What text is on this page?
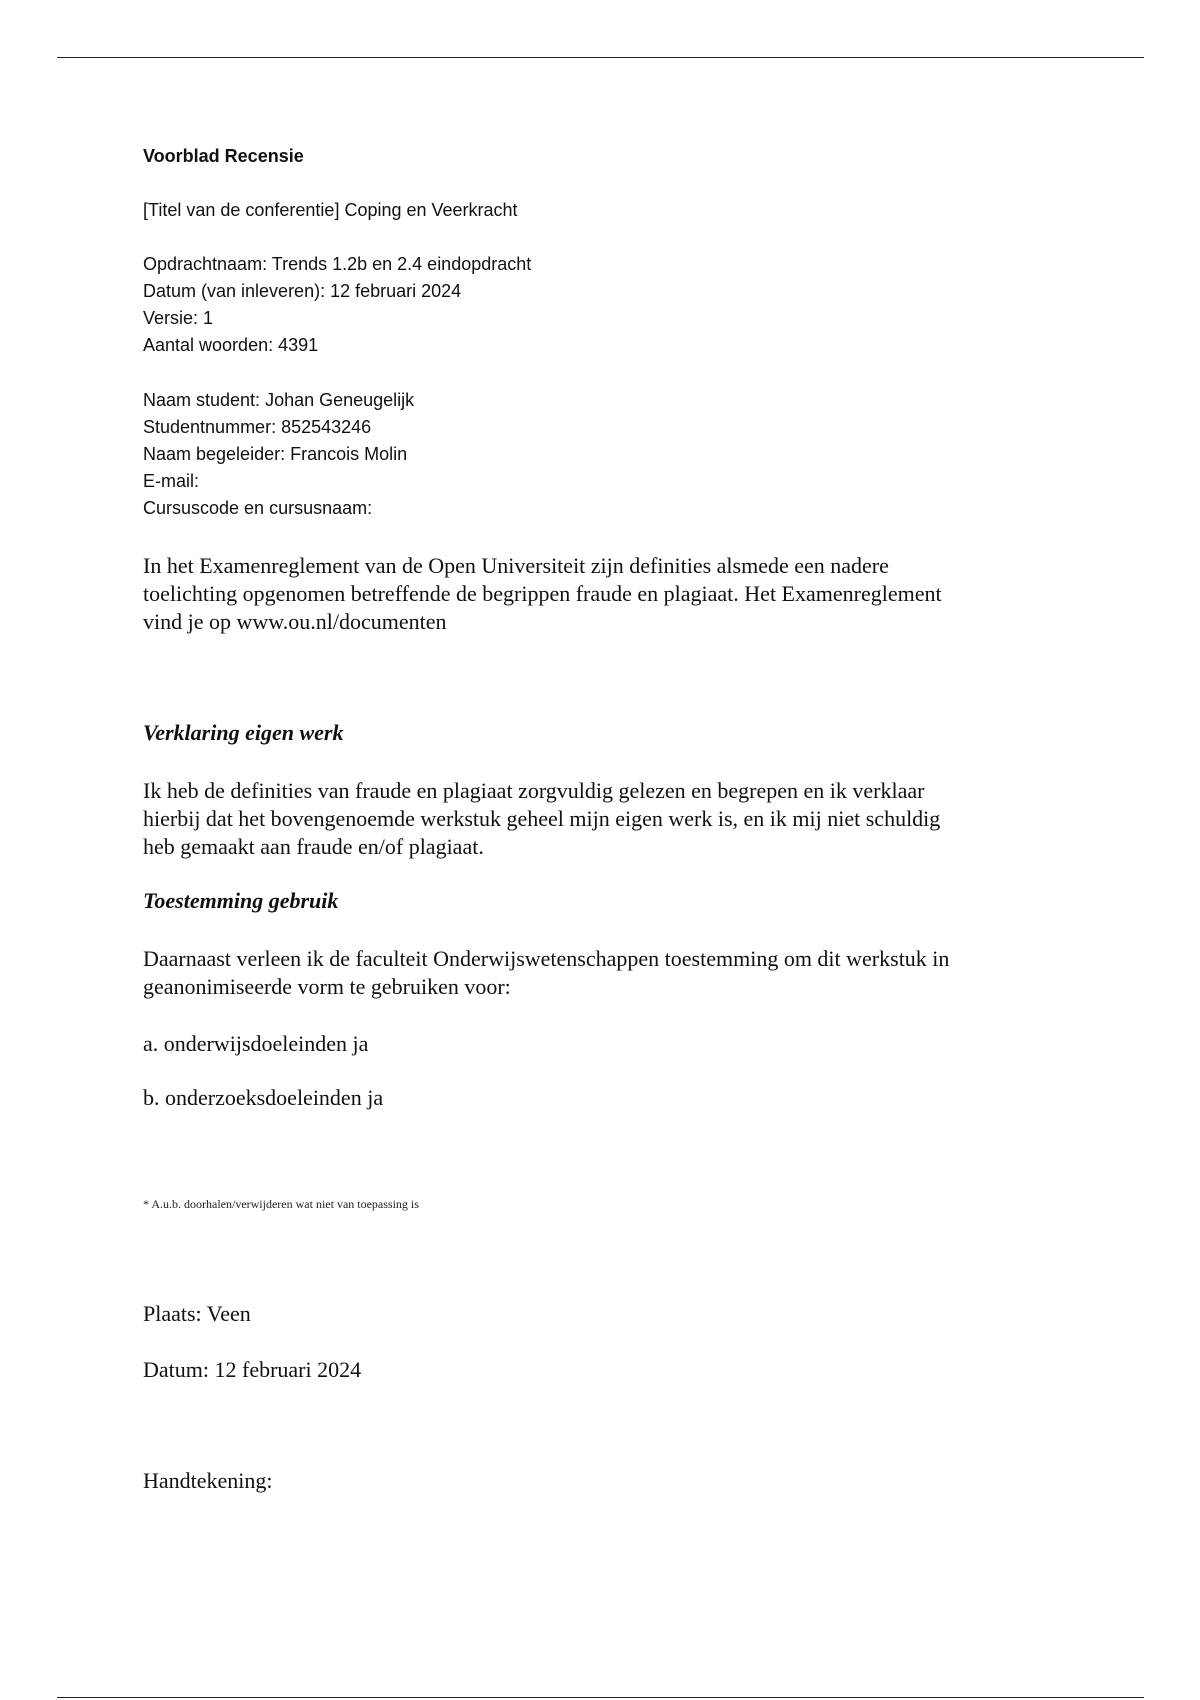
Voorblad Recensie

[Titel van de conferentie] Coping en Veerkracht

Opdrachtnaam: Trends 1.2b en 2.4 eindopdracht
Datum (van inleveren): 12 februari 2024
Versie: 1
Aantal woorden: 4391
Naam student: Johan Geneugelijk
Studentnummer: 852543246
Naam begeleider: Francois Molin
E-mail:
Cursuscode en cursusnaam:
In het Examenreglement van de Open Universiteit zijn definities alsmede een nadere
toelichting opgenomen betreffende de begrippen fraude en plagiaat. Het Examenreglement
vind je op www.ou.nl/documenten

Verklaring eigen werk

Ik heb de definities van fraude en plagiaat zorgvuldig gelezen en begrepen en ik verklaar
hierbij dat het bovengenoemde werkstuk geheel mijn eigen werk is, en ik mij niet schuldig
heb gemaakt aan fraude en/of plagiaat.

Toestemming gebruik

Daarnaast verleen ik de faculteit Onderwijswetenschappen toestemming om dit werkstuk in
geanonimiseerde vorm te gebruiken voor:

a. onderwijsdoeleinden ja

b. onderzoeksdoeleinden ja

* A.u.b. doorhalen/verwijderen wat niet van toepassing is

Plaats: Veen

Datum: 12 februari 2024

Handtekening:
